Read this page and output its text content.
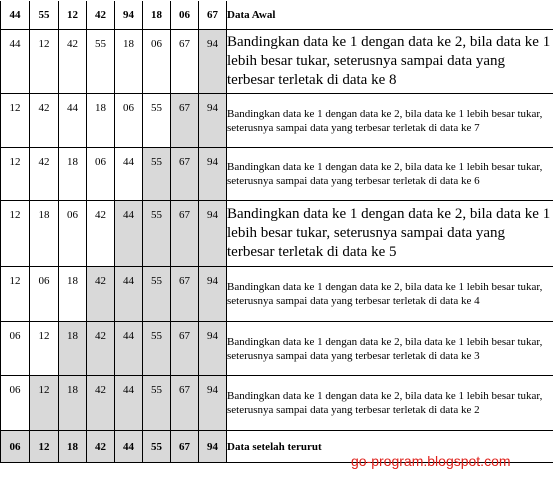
44	55	12	42	94	18	06	67	Data Awal
44	12	42	55	18	06	67	94	Bandingkan data ke 1 dengan data ke 2, bila data ke 1 lebih besar tukar, seterusnya sampai data yang terbesar terletak di data ke 8
12	42	44	18	06	55	67	94	Bandingkan data ke 1 dengan data ke 2, bila data ke 1 lebih besar tukar, seterusnya sampai data yang terbesar terletak di data ke 7
12	42	18	06	44	55	67	94	Bandingkan data ke 1 dengan data ke 2, bila data ke 1 lebih besar tukar, seterusnya sampai data yang terbesar terletak di data ke 6
12	18	06	42	44	55	67	94	Bandingkan data ke 1 dengan data ke 2, bila data ke 1 lebih besar tukar, seterusnya sampai data yang terbesar terletak di data ke 5
12	06	18	42	44	55	67	94	Bandingkan data ke 1 dengan data ke 2, bila data ke 1 lebih besar tukar, seterusnya sampai data yang terbesar terletak di data ke 4
06	12	18	42	44	55	67	94	Bandingkan data ke 1 dengan data ke 2, bila data ke 1 lebih besar tukar, seterusnya sampai data yang terbesar terletak di data ke 3
06	12	18	42	44	55	67	94	Bandingkan data ke 1 dengan data ke 2, bila data ke 1 lebih besar tukar, seterusnya sampai data yang terbesar terletak di data ke 2
06	12	18	42	44	55	67	94	Data setelah terurut
go-program.blogspot.com
